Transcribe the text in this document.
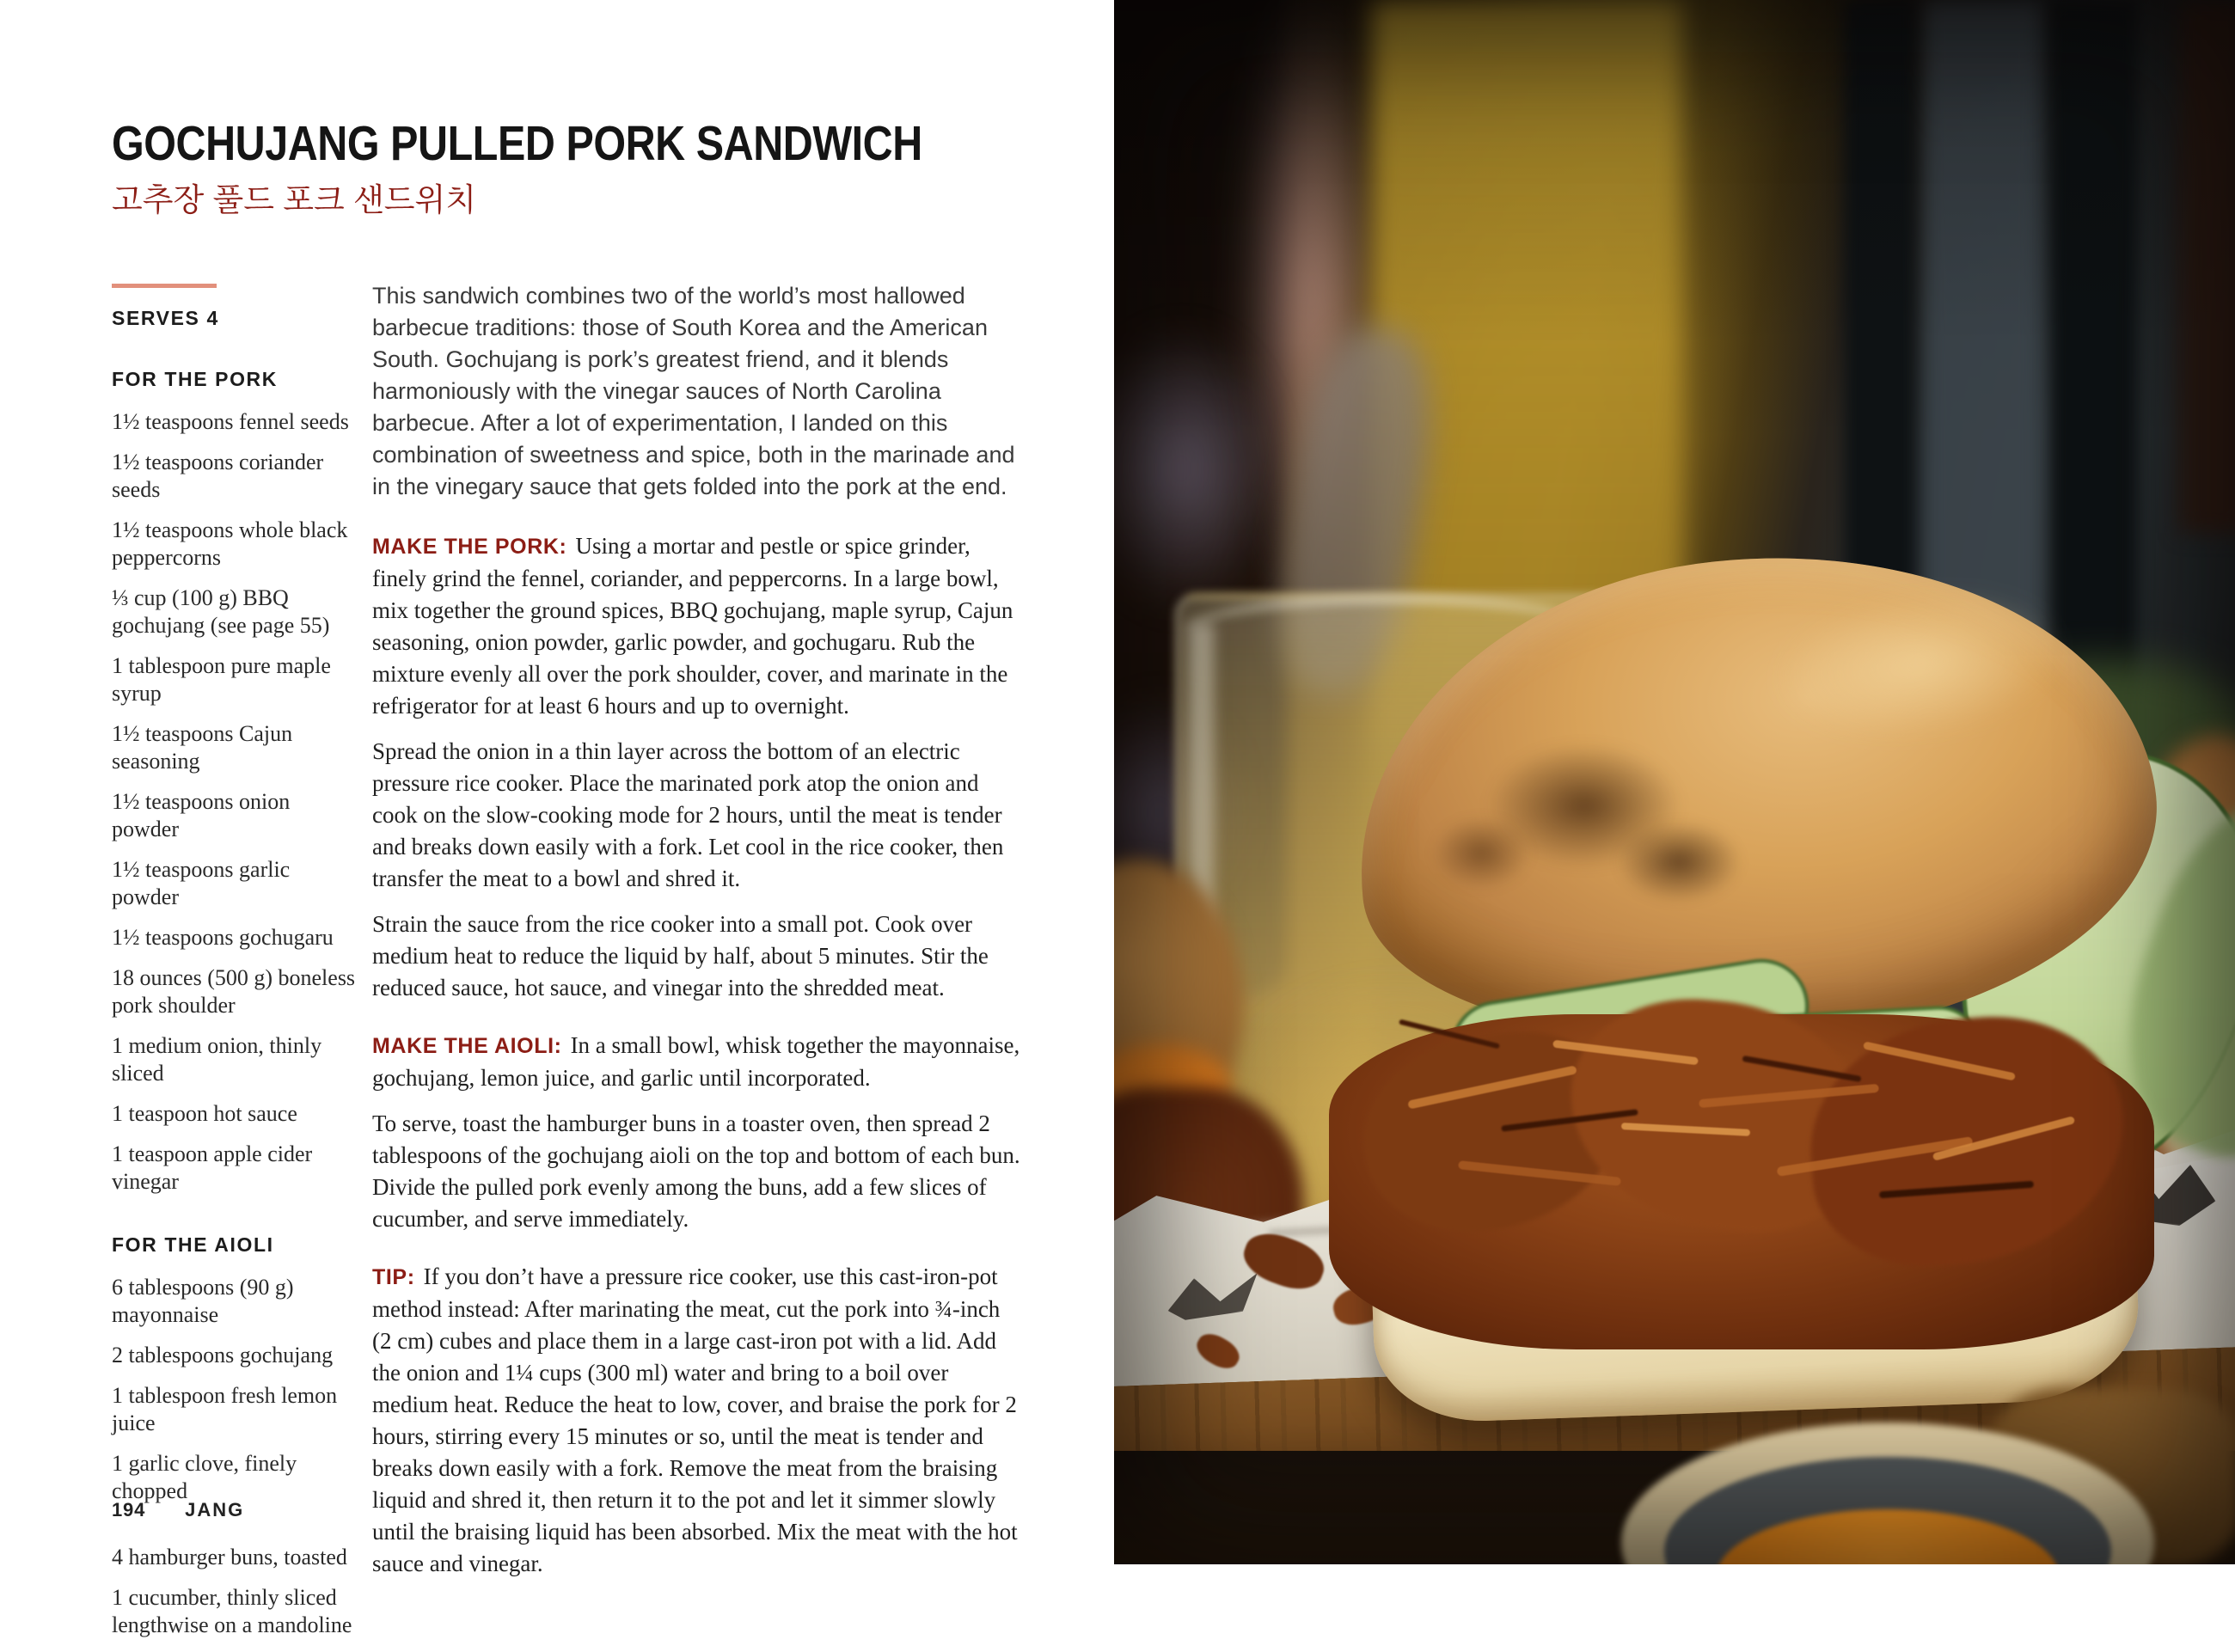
GOCHUJANG PULLED PORK SANDWICH
고추장 풀드 포크 샌드위치
SERVES 4
FOR THE PORK

1½ teaspoons fennel seeds

1½ teaspoons coriander seeds

1½ teaspoons whole black peppercorns

⅓ cup (100 g) BBQ gochujang (see page 55)

1 tablespoon pure maple syrup

1½ teaspoons Cajun seasoning

1½ teaspoons onion powder

1½ teaspoons garlic powder

1½ teaspoons gochugaru

18 ounces (500 g) boneless pork shoulder

1 medium onion, thinly sliced

1 teaspoon hot sauce

1 teaspoon apple cider vinegar

FOR THE AIOLI

6 tablespoons (90 g) mayonnaise

2 tablespoons gochujang

1 tablespoon fresh lemon juice

1 garlic clove, finely chopped

4 hamburger buns, toasted

1 cucumber, thinly sliced lengthwise on a mandoline

This sandwich combines two of the world’s most hallowed barbecue traditions: those of South Korea and the American South. Gochujang is pork’s greatest friend, and it blends harmoniously with the vinegar sauces of North Carolina barbecue. After a lot of experimentation, I landed on this combination of sweetness and spice, both in the marinade and in the vinegary sauce that gets folded into the pork at the end.

MAKE THE PORK: Using a mortar and pestle or spice grinder, finely grind the fennel, coriander, and peppercorns. In a large bowl, mix together the ground spices, BBQ gochujang, maple syrup, Cajun seasoning, onion powder, garlic powder, and gochugaru. Rub the mixture evenly all over the pork shoulder, cover, and marinate in the refrigerator for at least 6 hours and up to overnight.

Spread the onion in a thin layer across the bottom of an electric pressure rice cooker. Place the marinated pork atop the onion and cook on the slow-cooking mode for 2 hours, until the meat is tender and breaks down easily with a fork. Let cool in the rice cooker, then transfer the meat to a bowl and shred it.

Strain the sauce from the rice cooker into a small pot. Cook over medium heat to reduce the liquid by half, about 5 minutes. Stir the reduced sauce, hot sauce, and vinegar into the shredded meat.

MAKE THE AIOLI: In a small bowl, whisk together the mayonnaise, gochujang, lemon juice, and garlic until incorporated.

To serve, toast the hamburger buns in a toaster oven, then spread 2 tablespoons of the gochujang aioli on the top and bottom of each bun. Divide the pulled pork evenly among the buns, add a few slices of cucumber, and serve immediately.

TIP: If you don’t have a pressure rice cooker, use this cast-iron-pot method instead: After marinating the meat, cut the pork into ¾-inch (2 cm) cubes and place them in a large cast-iron pot with a lid. Add the onion and 1¼ cups (300 ml) water and bring to a boil over medium heat. Reduce the heat to low, cover, and braise the pork for 2 hours, stirring every 15 minutes or so, until the meat is tender and breaks down easily with a fork. Remove the meat from the braising liquid and shred it, then return it to the pot and let it simmer slowly until the braising liquid has been absorbed. Mix the meat with the hot sauce and vinegar.

194 JANG
